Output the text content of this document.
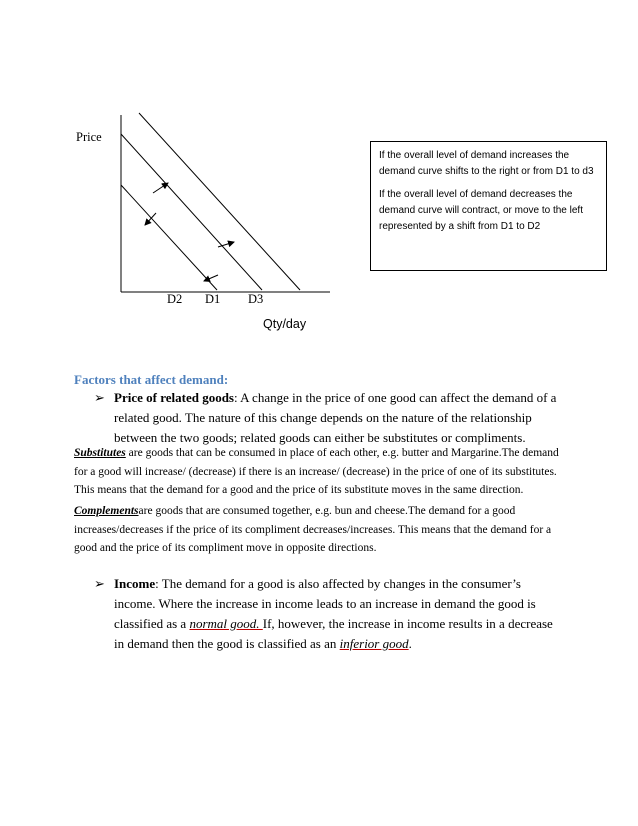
Price
D2 D1 D3
Qty/day

If the overall level of demand increases the demand curve shifts to the right or from D1 to d3

If the overall level of demand decreases the demand curve will contract, or move to the left represented by a shift from D1 to D2

Factors that affect demand:
➢ Price of related goods: A change in the price of one good can affect the demand of a related good. The nature of this change depends on the nature of the relationship between the two goods; related goods can either be substitutes or compliments.
Substitutes are goods that can be consumed in place of each other, e.g. butter and Margarine.The demand for a good will increase/ (decrease) if there is an increase/ (decrease) in the price of one of its substitutes. This means that the demand for a good and the price of its substitute moves in the same direction.
Complementsare goods that are consumed together, e.g. bun and cheese.The demand for a good increases/decreases if the price of its compliment decreases/increases. This means that the demand for a good and the price of its compliment move in opposite directions.
➢ Income: The demand for a good is also affected by changes in the consumer’s income. Where the increase in income leads to an increase in demand the good is classified as a normal good. If, however, the increase in income results in a decrease in demand then the good is classified as an inferior good.
